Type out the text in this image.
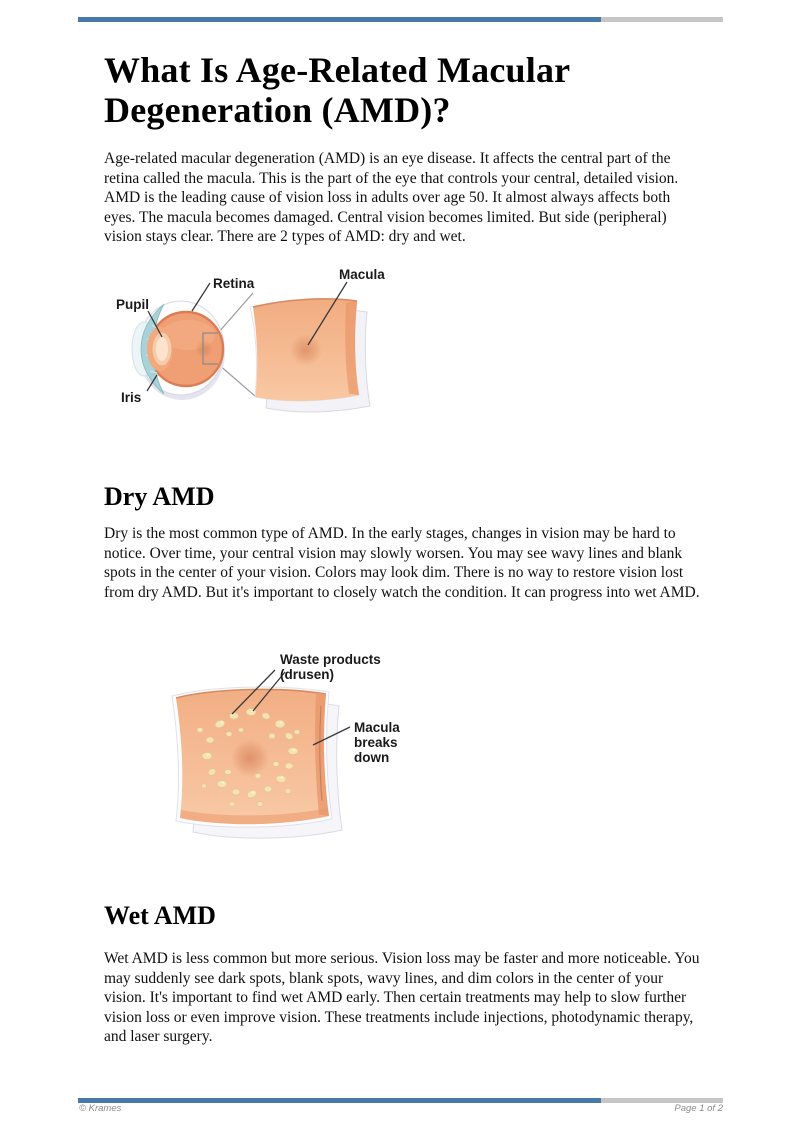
What Is Age-Related Macular Degeneration (AMD)?

Age-related macular degeneration (AMD) is an eye disease. It affects the central part of the retina called the macula. This is the part of the eye that controls your central, detailed vision. AMD is the leading cause of vision loss in adults over age 50. It almost always affects both eyes. The macula becomes damaged. Central vision becomes limited. But side (peripheral) vision stays clear. There are 2 types of AMD: dry and wet.

Pupil
Retina
Iris
Macula
Dry AMD

Dry is the most common type of AMD. In the early stages, changes in vision may be hard to notice. Over time, your central vision may slowly worsen. You may see wavy lines and blank spots in the center of your vision. Colors may look dim. There is no way to restore vision lost from dry AMD. But it's important to closely watch the condition. It can progress into wet AMD.

Waste products
(drusen)
Macula
breaks
down
Wet AMD

Wet AMD is less common but more serious. Vision loss may be faster and more noticeable. You may suddenly see dark spots, blank spots, wavy lines, and dim colors in the center of your vision. It's important to find wet AMD early. Then certain treatments may help to slow further vision loss or even improve vision. These treatments include injections, photodynamic therapy, and laser surgery.

© Krames	Page 1 of 2
